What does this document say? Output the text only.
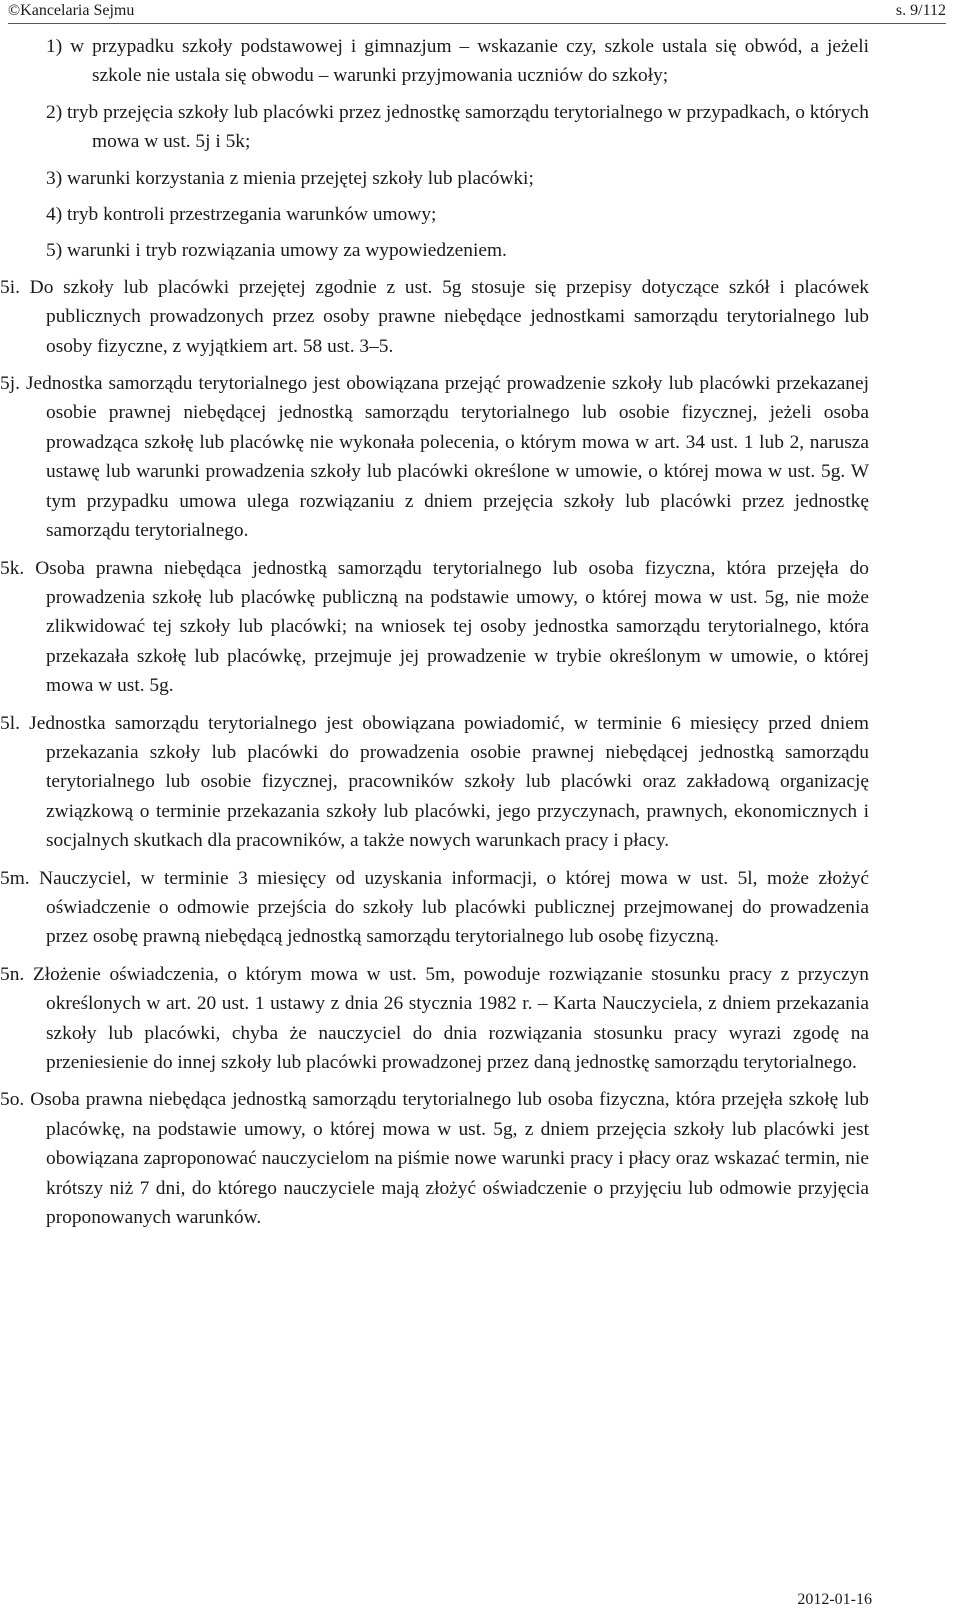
©Kancelaria Sejmu	s. 9/112
1) w przypadku szkoły podstawowej i gimnazjum – wskazanie czy, szkole ustala się obwód, a jeżeli szkole nie ustala się obwodu – warunki przyjmowania uczniów do szkoły;
2) tryb przejęcia szkoły lub placówki przez jednostkę samorządu terytorialnego w przypadkach, o których mowa w ust. 5j i 5k;
3) warunki korzystania z mienia przejętej szkoły lub placówki;
4) tryb kontroli przestrzegania warunków umowy;
5) warunki i tryb rozwiązania umowy za wypowiedzeniem.

5i. Do szkoły lub placówki przejętej zgodnie z ust. 5g stosuje się przepisy dotyczące szkół i placówek publicznych prowadzonych przez osoby prawne niebędące jednostkami samorządu terytorialnego lub osoby fizyczne, z wyjątkiem art. 58 ust. 3–5.

5j. Jednostka samorządu terytorialnego jest obowiązana przejąć prowadzenie szkoły lub placówki przekazanej osobie prawnej niebędącej jednostką samorządu terytorialnego lub osobie fizycznej, jeżeli osoba prowadząca szkołę lub placówkę nie wykonała polecenia, o którym mowa w art. 34 ust. 1 lub 2, narusza ustawę lub warunki prowadzenia szkoły lub placówki określone w umowie, o której mowa w ust. 5g. W tym przypadku umowa ulega rozwiązaniu z dniem przejęcia szkoły lub placówki przez jednostkę samorządu terytorialnego.

5k. Osoba prawna niebędąca jednostką samorządu terytorialnego lub osoba fizyczna, która przejęła do prowadzenia szkołę lub placówkę publiczną na podstawie umowy, o której mowa w ust. 5g, nie może zlikwidować tej szkoły lub placówki; na wniosek tej osoby jednostka samorządu terytorialnego, która przekazała szkołę lub placówkę, przejmuje jej prowadzenie w trybie określonym w umowie, o której mowa w ust. 5g.

5l. Jednostka samorządu terytorialnego jest obowiązana powiadomić, w terminie 6 miesięcy przed dniem przekazania szkoły lub placówki do prowadzenia osobie prawnej niebędącej jednostką samorządu terytorialnego lub osobie fizycznej, pracowników szkoły lub placówki oraz zakładową organizację związkową o terminie przekazania szkoły lub placówki, jego przyczynach, prawnych, ekonomicznych i socjalnych skutkach dla pracowników, a także nowych warunkach pracy i płacy.

5m. Nauczyciel, w terminie 3 miesięcy od uzyskania informacji, o której mowa w ust. 5l, może złożyć oświadczenie o odmowie przejścia do szkoły lub placówki publicznej przejmowanej do prowadzenia przez osobę prawną niebędącą jednostką samorządu terytorialnego lub osobę fizyczną.

5n. Złożenie oświadczenia, o którym mowa w ust. 5m, powoduje rozwiązanie stosunku pracy z przyczyn określonych w art. 20 ust. 1 ustawy z dnia 26 stycznia 1982 r. – Karta Nauczyciela, z dniem przekazania szkoły lub placówki, chyba że nauczyciel do dnia rozwiązania stosunku pracy wyrazi zgodę na przeniesienie do innej szkoły lub placówki prowadzonej przez daną jednostkę samorządu terytorialnego.

5o. Osoba prawna niebędąca jednostką samorządu terytorialnego lub osoba fizyczna, która przejęła szkołę lub placówkę, na podstawie umowy, o której mowa w ust. 5g, z dniem przejęcia szkoły lub placówki jest obowiązana zaproponować nauczycielom na piśmie nowe warunki pracy i płacy oraz wskazać termin, nie krótszy niż 7 dni, do którego nauczyciele mają złożyć oświadczenie o przyjęciu lub odmowie przyjęcia proponowanych warunków.

2012-01-16
